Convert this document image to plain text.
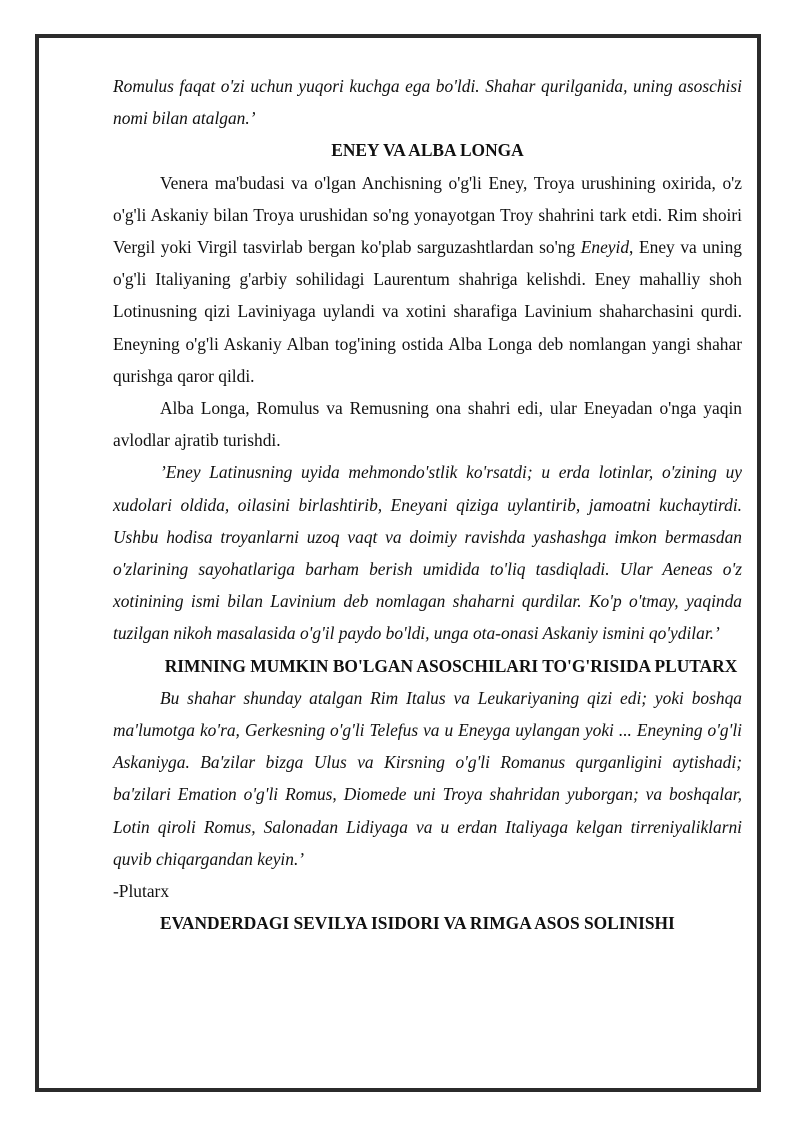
Romulus faqat o'zi uchun yuqori kuchga ega bo'ldi. Shahar qurilganida, uning asoschisi nomi bilan atalgan.’

ENEY VA ALBA LONGA

Venera ma'budasi va o'lgan Anchisning o'g'li Eney, Troya urushining oxirida, o'z o'g'li Askaniy bilan Troya urushidan so'ng yonayotgan Troy shahrini tark etdi. Rim shoiri Vergil yoki Virgil tasvirlab bergan ko'plab sarguzashtlardan so'ng Eneyid, Eney va uning o'g'li Italiyaning g'arbiy sohilidagi Laurentum shahriga kelishdi. Eney mahalliy shoh Lotinusning qizi Laviniyaga uylandi va xotini sharafiga Lavinium shaharchasini qurdi. Eneyning o'g'li Askaniy Alban tog'ining ostida Alba Longa deb nomlangan yangi shahar qurishga qaror qildi.

Alba Longa, Romulus va Remusning ona shahri edi, ular Eneyadan o'nga yaqin avlodlar ajratib turishdi.

’Eney Latinusning uyida mehmondo'stlik ko'rsatdi; u erda lotinlar, o'zining uy xudolari oldida, oilasini birlashtirib, Eneyani qiziga uylantirib, jamoatni kuchaytirdi. Ushbu hodisa troyanlarni uzoq vaqt va doimiy ravishda yashashga imkon bermasdan o'zlarining sayohatlariga barham berish umidida to'liq tasdiqladi. Ular Aeneas o'z xotinining ismi bilan Lavinium deb nomlagan shaharni qurdilar. Ko'p o'tmay, yaqinda tuzilgan nikoh masalasida o'g'il paydo bo'ldi, unga ota-onasi Askaniy ismini qo'ydilar.’

RIMNING MUMKIN BO'LGAN ASOSCHILARI TO'G'RISIDA PLUTARX

Bu shahar shunday atalgan Rim Italus va Leukariyaning qizi edi; yoki boshqa ma'lumotga ko'ra, Gerkesning o'g'li Telefus va u Eneyga uylangan yoki ... Eneyning o'g'li Askaniyga. Ba'zilar bizga Ulus va Kirsning o'g'li Romanus qurganligini aytishadi; ba'zilari Emation o'g'li Romus, Diomede uni Troya shahridan yuborgan; va boshqalar, Lotin qiroli Romus, Salonadan Lidiyaga va u erdan Italiyaga kelgan tirreniyaliklarni quvib chiqargandan keyin.’

-Plutarx

EVANDERDAGI SEVILYA ISIDORI VA RIMGA ASOS SOLINISHI
